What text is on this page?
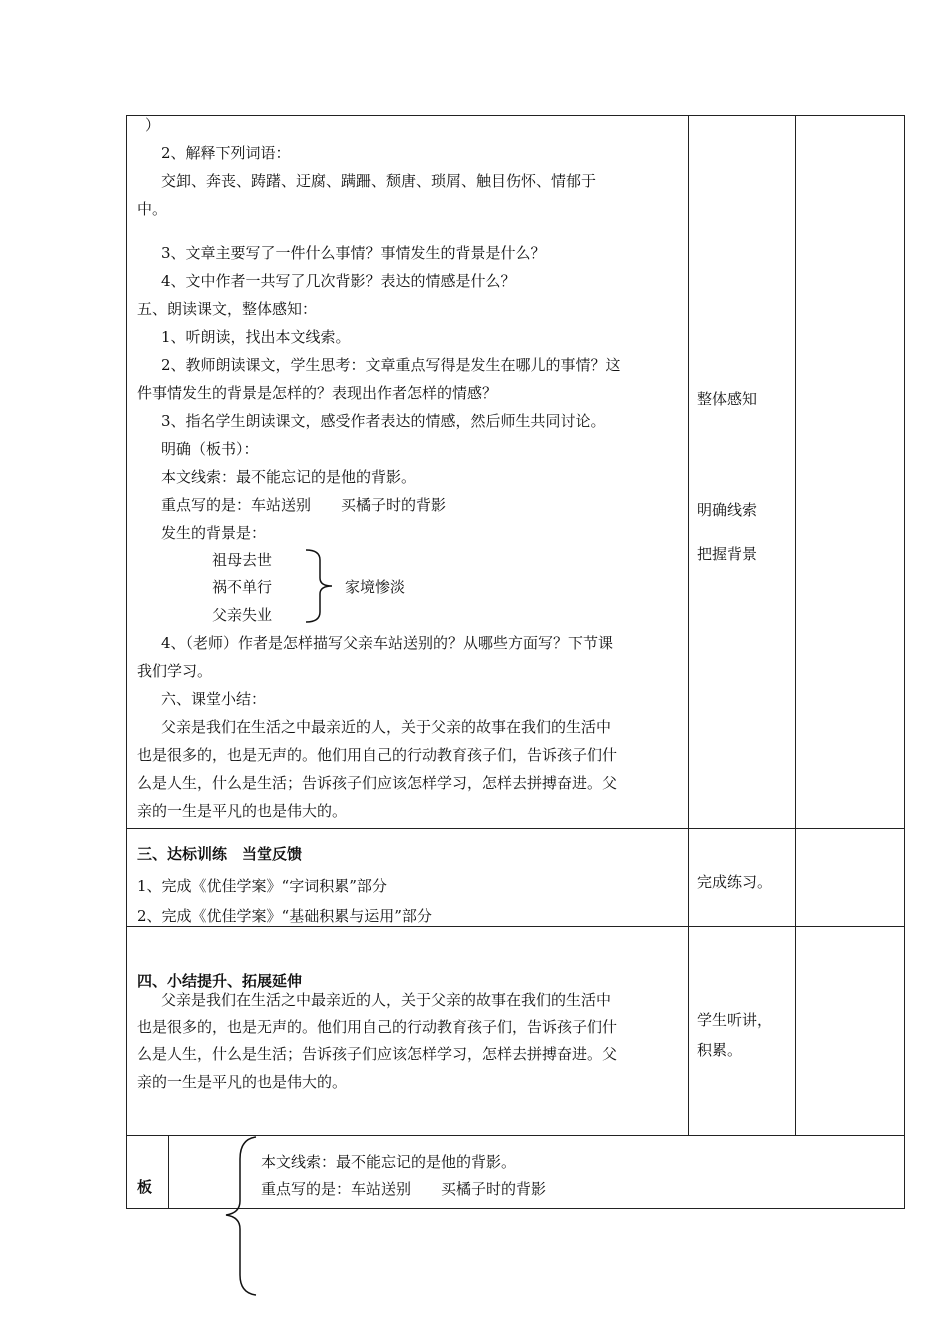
）
2、解释下列词语：
交卸、奔丧、踌躇、迂腐、蹒跚、颓唐、琐屑、触目伤怀、情郁于
中。
3、文章主要写了一件什么事情？事情发生的背景是什么？
4、文中作者一共写了几次背影？表达的情感是什么？
五、朗读课文，整体感知：
1、听朗读，找出本文线索。
2、教师朗读课文，学生思考：文章重点写得是发生在哪儿的事情？这
件事情发生的背景是怎样的？表现出作者怎样的情感？
3、指名学生朗读课文，感受作者表达的情感，然后师生共同讨论。
明确（板书）：
本文线索：最不能忘记的是他的背影。
重点写的是：车站送别　　买橘子时的背影
发生的背景是：
祖母去世
祸不单行
父亲失业
家境惨淡
4、（老师）作者是怎样描写父亲车站送别的？从哪些方面写？下节课
我们学习。
六、课堂小结：
父亲是我们在生活之中最亲近的人，关于父亲的故事在我们的生活中
也是很多的，也是无声的。他们用自己的行动教育孩子们，告诉孩子们什
么是人生，什么是生活；告诉孩子们应该怎样学习，怎样去拼搏奋进。父
亲的一生是平凡的也是伟大的。
整体感知
明确线索
把握背景
三、达标训练　当堂反馈
1、完成《优佳学案》“字词积累”部分
2、完成《优佳学案》“基础积累与运用”部分
完成练习。
四、小结提升、拓展延伸
父亲是我们在生活之中最亲近的人，关于父亲的故事在我们的生活中
也是很多的，也是无声的。他们用自己的行动教育孩子们，告诉孩子们什
么是人生，什么是生活；告诉孩子们应该怎样学习，怎样去拼搏奋进。父
亲的一生是平凡的也是伟大的。
学生听讲，
积累。
板
本文线索：最不能忘记的是他的背影。
重点写的是：车站送别　　买橘子时的背影
